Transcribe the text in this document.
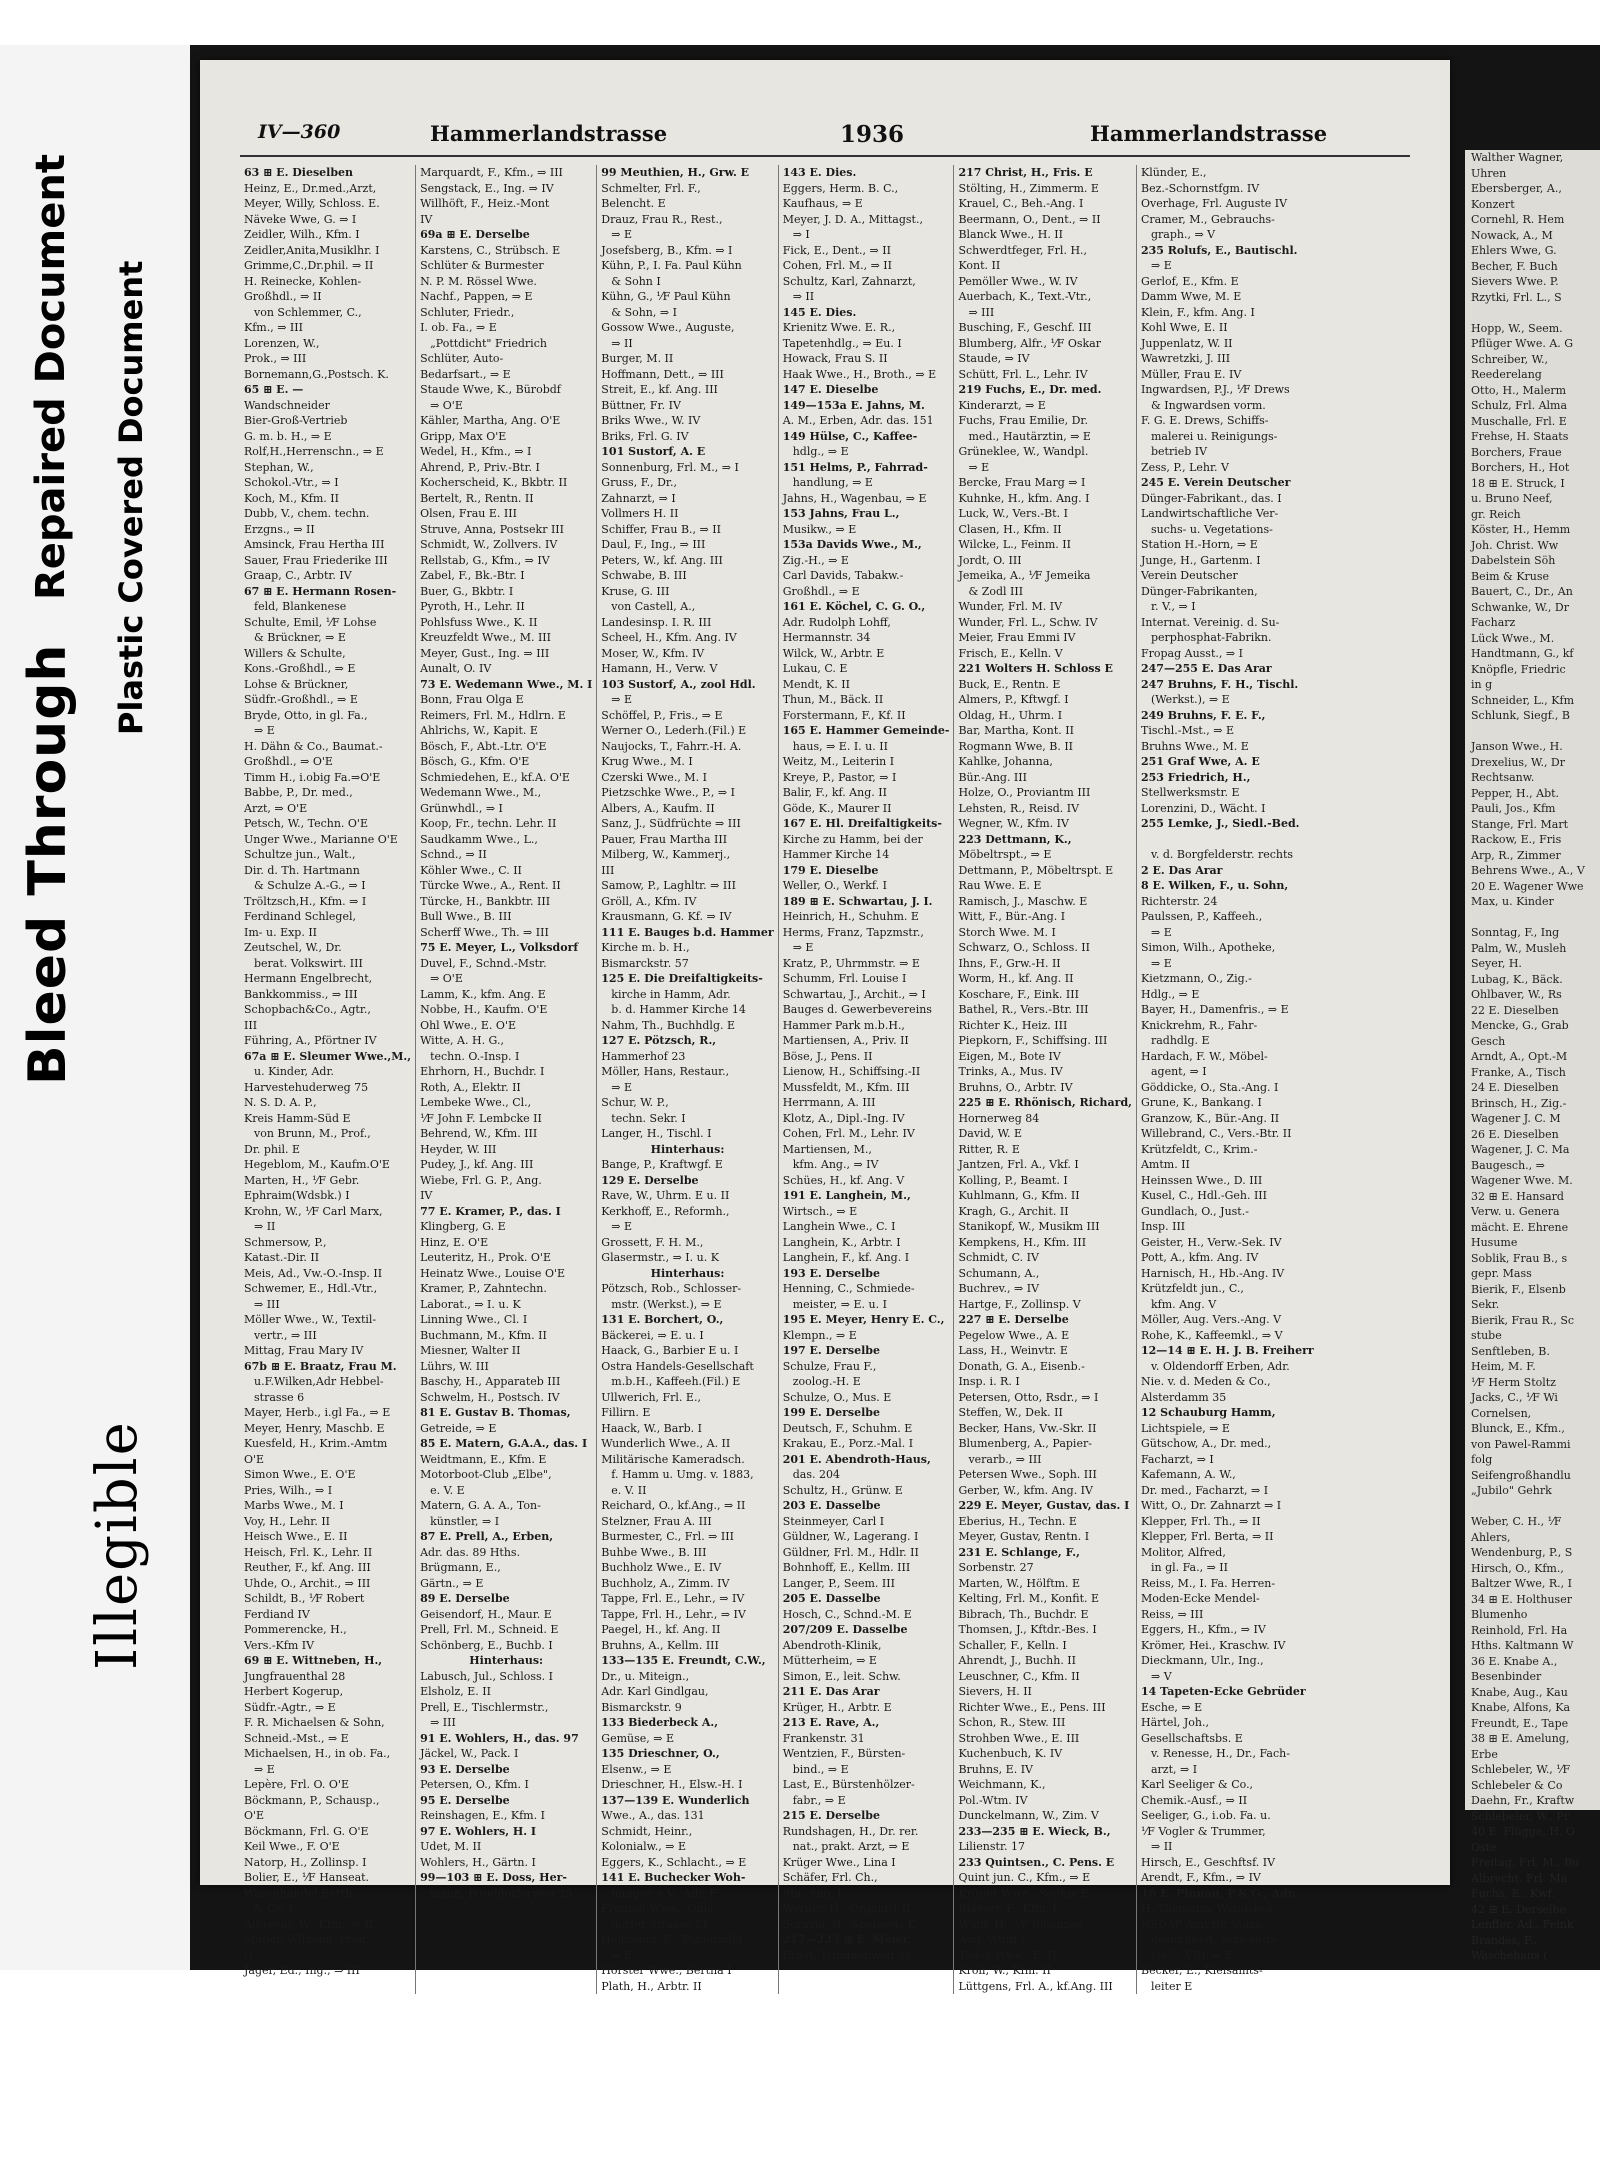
Bleed Through
Repaired Document Plastic Covered Document
Illegible
IV—360	Hammerlandstrasse	1936	Hammerlandstrasse
63 ⊞ E. Dieselben
Heinz, E., Dr.med.,Arzt,
Meyer, Willy, Schloss. E.
Näveke Wwe, G. ⇒ I
Zeidler, Wilh., Kfm. I
Zeidler,Anita,Musiklhr. I
Grimme,C.,Dr.phil. ⇒ II
H. Reinecke, Kohlen-
Großhdl., ⇒ II
von Schlemmer, C.,
Kfm., ⇒ III
Lorenzen, W.,
Prok., ⇒ III
Bornemann,G.,Postsch. K.
65 ⊞ E. —
Wandschneider
Bier-Groß-Vertrieb
G. m. b. H., ⇒ E
Rolf,H.,Herrenschn., ⇒ E
Stephan, W.,
Schokol.-Vtr., ⇒ I
Koch, M., Kfm. II
Dubb, V., chem. techn.
Erzgns., ⇒ II
Amsinck, Frau Hertha III
Sauer, Frau Friederike III
Graap, C., Arbtr. IV
67 ⊞ E. Hermann Rosen-
feld, Blankenese
Schulte, Emil, ⅟F Lohse
& Brückner, ⇒ E
Willers & Schulte,
Kons.-Großhdl., ⇒ E
Lohse & Brückner,
Südfr.-Großhdl., ⇒ E
Bryde, Otto, in gl. Fa.,
⇒ E
H. Dähn & Co., Baumat.-
Großhdl., ⇒ O'E
Timm H., i.obig Fa.⇒O'E
Babbe, P., Dr. med.,
Arzt, ⇒ O'E
Petsch, W., Techn. O'E
Unger Wwe., Marianne O'E
Schultze jun., Walt.,
Dir. d. Th. Hartmann
& Schulze A.-G., ⇒ I
Tröltzsch,H., Kfm. ⇒ I
Ferdinand Schlegel,
Im- u. Exp. II
Zeutschel, W., Dr.
berat. Volkswirt. III
Hermann Engelbrecht,
Bankkommiss., ⇒ III
Schopbach&Co., Agtr.,
III
Führing, A., Pförtner IV
67a ⊞ E. Sleumer Wwe.,M.,
u. Kinder, Adr.
Harvestehuderweg 75
N. S. D. A. P.,
Kreis Hamm-Süd E
von Brunn, M., Prof.,
Dr. phil. E
Hegeblom, M., Kaufm.O'E
Marten, H., ⅟F Gebr.
Ephraim(Wdsbk.) I
Krohn, W., ⅟F Carl Marx,
⇒ II
Schmersow, P.,
Katast.-Dir. II
Meis, Ad., Vw.-O.-Insp. II
Schwemer, E., Hdl.-Vtr.,
⇒ III
Möller Wwe., W., Textil-
vertr., ⇒ III
Mittag, Frau Mary IV
67b ⊞ E. Braatz, Frau M.
u.F.Wilken,Adr Hebbel-
strasse 6
Mayer, Herb., i.gl Fa., ⇒ E
Meyer, Henry, Maschb. E
Kuesfeld, H., Krim.-Amtm
O'E
Simon Wwe., E. O'E
Pries, Wilh., ⇒ I
Marbs Wwe., M. I
Voy, H., Lehr. II
Heisch Wwe., E. II
Heisch, Frl. K., Lehr. II
Reuther, F., kf. Ang. III
Uhde, O., Archit., ⇒ III
Schildt, B., ⅟F Robert
Ferdiand IV
Pommerencke, H.,
Vers.-Kfm IV
69 ⊞ E. Wittneben, H.,
Jungfrauenthal 28
Herbert Kogerup,
Südfr.-Agtr., ⇒ E
F. R. Michaelsen & Sohn,
Schneid.-Mst., ⇒ E
Michaelsen, H., in ob. Fa.,
⇒ E
Lepère, Frl. O. O'E
Böckmann, P., Schausp.,
O'E
Böckmann, Frl. G. O'E
Keil Wwe., F. O'E
Natorp, H., Zollinsp. I
Bolier, E., ⅟F Hanseat.
Warenhandel Barth
& Co. I
Albrecht, W., Kfm., ⇒ II
Müller, Wilhelm, Prok.
II
Jäger, Ed., Ing., ⇒ III
Marquardt, F., Kfm., ⇒ III
Sengstack, E., Ing. ⇒ IV
Willhöft, F., Heiz.-Mont
IV
69a ⊞ E. Derselbe
Karstens, C., Strübsch. E
Schlüter & Burmester
N. P. M. Rössel Wwe.
Nachf., Pappen, ⇒ E
Schluter, Friedr.,
I. ob. Fa., ⇒ E
„Pottdicht" Friedrich
Schlüter, Auto-
Bedarfsart., ⇒ E
Staude Wwe, K., Bürobdf
⇒ O'E
Kähler, Martha, Ang. O'E
Gripp, Max O'E
Wedel, H., Kfm., ⇒ I
Ahrend, P., Priv.-Btr. I
Kocherscheid, K., Bkbtr. II
Bertelt, R., Rentn. II
Olsen, Frau E. III
Struve, Anna, Postsekr III
Schmidt, W., Zollvers. IV
Rellstab, G., Kfm., ⇒ IV
Zabel, F., Bk.-Btr. I
Buer, G., Bkbtr. I
Pyroth, H., Lehr. II
Pohlsfuss Wwe., K. II
Kreuzfeldt Wwe., M. III
Meyer, Gust., Ing. ⇒ III
Aunalt, O. IV
73 E. Wedemann Wwe., M. I
Bonn, Frau Olga E
Reimers, Frl. M., Hdlrn. E
Ahlrichs, W., Kapit. E
Bösch, F., Abt.-Ltr. O'E
Bösch, G., Kfm. O'E
Schmiedehen, E., kf.A. O'E
Wedemann Wwe., M.,
Grünwhdl., ⇒ I
Koop, Fr., techn. Lehr. II
Saudkamm Wwe., L.,
Schnd., ⇒ II
Köhler Wwe., C. II
Türcke Wwe., A., Rent. II
Türcke, H., Bankbtr. III
Bull Wwe., B. III
Scherff Wwe., Th. ⇒ III
75 E. Meyer, L., Volksdorf
Duvel, F., Schnd.-Mstr.
⇒ O'E
Lamm, K., kfm. Ang. E
Nobbe, H., Kaufm. O'E
Ohl Wwe., E. O'E
Witte, A. H. G.,
techn. O.-Insp. I
Ehrhorn, H., Buchdr. I
Roth, A., Elektr. II
Lembeke Wwe., Cl.,
⅟F John F. Lembcke II
Behrend, W., Kfm. III
Heyder, W. III
Pudey, J., kf. Ang. III
Wiebe, Frl. G. P., Ang.
IV
77 E. Kramer, P., das. I
Klingberg, G. E
Hinz, E. O'E
Leuteritz, H., Prok. O'E
Heinatz Wwe., Louise O'E
Kramer, P., Zahntechn.
Laborat., ⇒ I. u. K
Linning Wwe., Cl. I
Buchmann, M., Kfm. II
Miesner, Walter II
Lührs, W. III
Baschy, H., Apparateb III
Schwelm, H., Postsch. IV
81 E. Gustav B. Thomas,
Getreide, ⇒ E
85 E. Matern, G.A.A., das. I
Weidtmann, E., Kfm. E
Motorboot-Club „Elbe",
e. V. E
Matern, G. A. A., Ton-
künstler, ⇒ I
87 E. Prell, A., Erben,
Adr. das. 89 Hths.
Brügmann, E.,
Gärtn., ⇒ E
89 E. Derselbe
Geisendorf, H., Maur. E
Prell, Frl. M., Schneid. E
Schönberg, E., Buchb. I
Hinterhaus:
Labusch, Jul., Schloss. I
Elsholz, E. II
Prell, E., Tischlermstr.,
⇒ III
91 E. Wohlers, H., das. 97
Jäckel, W., Pack. I
93 E. Derselbe
Petersen, O., Kfm. I
95 E. Derselbe
Reinshagen, E., Kfm. I
97 E. Wohlers, H. I
Udet, M. II
Wohlers, H., Gärtn. I
99—103 ⊞ E. Doss, Her-
mann, Poseldorferweg 25
99 Meuthien, H., Grw. E
Schmelter, Frl. F.,
Belencht. E
Drauz, Frau R., Rest.,
⇒ E
Josefsberg, B., Kfm. ⇒ I
Kühn, P., I. Fa. Paul Kühn
& Sohn I
Kühn, G., ⅟F Paul Kühn
& Sohn, ⇒ I
Gossow Wwe., Auguste,
⇒ II
Burger, M. II
Hoffmann, Dett., ⇒ III
Streit, E., kf. Ang. III
Büttner, Fr. IV
Briks Wwe., W. IV
Briks, Frl. G. IV
101 Sustorf, A. E
Sonnenburg, Frl. M., ⇒ I
Gruss, F., Dr.,
Zahnarzt, ⇒ I
Vollmers H. II
Schiffer, Frau B., ⇒ II
Daul, F., Ing., ⇒ III
Peters, W., kf. Ang. III
Schwabe, B. III
Kruse, G. III
von Castell, A.,
Landesinsp. I. R. III
Scheel, H., Kfm. Ang. IV
Moser, W., Kfm. IV
Hamann, H., Verw. V
103 Sustorf, A., zool Hdl.
⇒ E
Schöffel, P., Fris., ⇒ E
Werner O., Lederh.(Fil.) E
Naujocks, T., Fahrr.-H. A.
Krug Wwe., M. I
Czerski Wwe., M. I
Pietzschke Wwe., P., ⇒ I
Albers, A., Kaufm. II
Sanz, J., Südfrüchte ⇒ III
Pauer, Frau Martha III
Milberg, W., Kammerj.,
III
Samow, P., Laghltr. ⇒ III
Gröll, A., Kfm. IV
Krausmann, G. Kf. ⇒ IV
111 E. Bauges b.d. Hammer
Kirche m. b. H.,
Bismarckstr. 57
125 E. Die Dreifaltigkeits-
kirche in Hamm, Adr.
b. d. Hammer Kirche 14
Nahm, Th., Buchhdlg. E
127 E. Pötzsch, R.,
Hammerhof 23
Möller, Hans, Restaur.,
⇒ E
Schur, W. P.,
techn. Sekr. I
Langer, H., Tischl. I
Hinterhaus:
Bange, P., Kraftwgf. E
129 E. Derselbe
Rave, W., Uhrm. E u. II
Kerkhoff, E., Reformh.,
⇒ E
Grossett, F. H. M.,
Glasermstr., ⇒ I. u. K
Hinterhaus:
Pötzsch, Rob., Schlosser-
mstr. (Werkst.), ⇒ E
131 E. Borchert, O.,
Bäckerei, ⇒ E. u. I
Haack, G., Barbier E u. I
Ostra Handels-Gesellschaft
m.b.H., Kaffeeh.(Fil.) E
Ullwerich, Frl. E.,
Fillirn. E
Haack, W., Barb. I
Wunderlich Wwe., A. II
Militärische Kameradsch.
f. Hamm u. Umg. v. 1883,
e. V. II
Reichard, O., kf.Ang., ⇒ II
Stelzner, Frau A. III
Burmester, C., Frl. ⇒ III
Buhbe Wwe., B. III
Buchholz Wwe., E. IV
Buchholz, A., Zimm. IV
Tappe, Frl. E., Lehr., ⇒ IV
Tappe, Frl. H., Lehr., ⇒ IV
Paegel, H., kf. Ang. II
Bruhns, A., Kellm. III
133—135 E. Freundt, C.W.,
Dr., u. Miteign.,
Adr. Karl Gindlgau,
Bismarckstr. 9
133 Biederbeck A.,
Gemüse, ⇒ E
135 Drieschner, O.,
Elsenw., ⇒ E
Drieschner, H., Elsw.-H. I
137—139 E. Wunderlich
Wwe., A., das. 131
Schmidt, Heinr.,
Kolonialw., ⇒ E
Eggers, K., Schlacht., ⇒ E
141 E. Buchecker Woh-
nungen e.V., Adr. F.
Freundt Wwe., Ohls-
dorfer Strasse 51
Heitmann, K., Papierhdlg.,
⇒ E
Hörster Wwe., Bertha I
Plath, H., Arbtr. II
143 E. Dies.
Eggers, Herm. B. C.,
Kaufhaus, ⇒ E
Meyer, J. D. A., Mittagst.,
⇒ I
Fick, E., Dent., ⇒ II
Cohen, Frl. M., ⇒ II
Schultz, Karl, Zahnarzt,
⇒ II
145 E. Dies.
Krienitz Wwe. E. R.,
Tapetenhdlg., ⇒ Eu. I
Howack, Frau S. II
Haak Wwe., H., Broth., ⇒ E
147 E. Dieselbe
149—153a E. Jahns, M.
A. M., Erben, Adr. das. 151
149 Hülse, C., Kaffee-
hdlg., ⇒ E
151 Helms, P., Fahrrad-
handlung, ⇒ E
Jahns, H., Wagenbau, ⇒ E
153 Jahns, Frau L.,
Musikw., ⇒ E
153a Davids Wwe., M.,
Zig.-H., ⇒ E
Carl Davids, Tabakw.-
Großhdl., ⇒ E
161 E. Köchel, C. G. O.,
Adr. Rudolph Lohff,
Hermannstr. 34
Wilck, W., Arbtr. E
Lukau, C. E
Mendt, K. II
Thun, M., Bäck. II
Forstermann, F., Kf. II
165 E. Hammer Gemeinde-
haus, ⇒ E. I. u. II
Weitz, M., Leiterin I
Kreye, P., Pastor, ⇒ I
Balir, F., kf. Ang. II
Göde, K., Maurer II
167 E. Hl. Dreifaltigkeits-
Kirche zu Hamm, bei der
Hammer Kirche 14
179 E. Dieselbe
Weller, O., Werkf. I
189 ⊞ E. Schwartau, J. I.
Heinrich, H., Schuhm. E
Herms, Franz, Tapzmstr.,
⇒ E
Kratz, P., Uhrmmstr. ⇒ E
Schumm, Frl. Louise I
Schwartau, J., Archit., ⇒ I
Bauges d. Gewerbevereins
Hammer Park m.b.H.,
Martiensen, A., Priv. II
Böse, J., Pens. II
Lienow, H., Schiffsing.-II
Mussfeldt, M., Kfm. III
Herrmann, A. III
Klotz, A., Dipl.-Ing. IV
Cohen, Frl. M., Lehr. IV
Martiensen, M.,
kfm. Ang., ⇒ IV
Schües, H., kf. Ang. V
191 E. Langhein, M.,
Wirtsch., ⇒ E
Langhein Wwe., C. I
Langhein, K., Arbtr. I
Langhein, F., kf. Ang. I
193 E. Derselbe
Henning, C., Schmiede-
meister, ⇒ E. u. I
195 E. Meyer, Henry E. C.,
Klempn., ⇒ E
197 E. Derselbe
Schulze, Frau F.,
zoolog.-H. E
Schulze, O., Mus. E
199 E. Derselbe
Deutsch, F., Schuhm. E
Krakau, E., Porz.-Mal. I
201 E. Abendroth-Haus,
das. 204
Schultz, H., Grünw. E
203 E. Dasselbe
Steinmeyer, Carl I
Güldner, W., Lagerang. I
Güldner, Frl. M., Hdlr. II
Bohnhoff, E., Kellm. III
Langer, P., Seem. III
205 E. Dasselbe
Hosch, C., Schnd.-M. E
207/209 E. Dasselbe
Abendroth-Klinik,
Mütterheim, ⇒ E
Simon, E., leit. Schw.
211 E. Das Arar
Krüger, H., Arbtr. E
213 E. Rave, A.,
Frankenstr. 31
Wentzien, F., Bürsten-
bind., ⇒ E
Last, E., Bürstenhölzer-
fabr., ⇒ E
215 E. Derselbe
Rundshagen, H., Dr. rer.
nat., prakt. Arzt, ⇒ E
Krüger Wwe., Lina I
Schäfer, Frl. Ch.,
Sta.-Ang. I
Werner, H., Organist II
Soravia, N., Speiseeis K
217—223 ⊞ E. Meier,
Ernst, Tribünenweg 32
217 Christ, H., Fris. E
Stölting, H., Zimmerm. E
Krauel, C., Beh.-Ang. I
Beermann, O., Dent., ⇒ II
Blanck Wwe., H. II
Schwerdtfeger, Frl. H.,
Kont. II
Pemöller Wwe., W. IV
Auerbach, K., Text.-Vtr.,
⇒ III
Busching, F., Geschf. III
Blumberg, Alfr., ⅟F Oskar
Staude, ⇒ IV
Schütt, Frl. L., Lehr. IV
219 Fuchs, E., Dr. med.
Kinderarzt, ⇒ E
Fuchs, Frau Emilie, Dr.
med., Hautärztin, ⇒ E
Grüneklee, W., Wandpl.
⇒ E
Bercke, Frau Marg ⇒ I
Kuhnke, H., kfm. Ang. I
Luck, W., Vers.-Bt. I
Clasen, H., Kfm. II
Wilcke, L., Feinm. II
Jordt, O. III
Jemeika, A., ⅟F Jemeika
& Zodl III
Wunder, Frl. M. IV
Wunder, Frl. L., Schw. IV
Meier, Frau Emmi IV
Frisch, E., Kelln. V
221 Wolters H. Schloss E
Buck, E., Rentn. E
Almers, P., Kftwgf. I
Oldag, H., Uhrm. I
Bar, Martha, Kont. II
Rogmann Wwe, B. II
Kahlke, Johanna,
Bür.-Ang. III
Holze, O., Proviantm III
Lehsten, R., Reisd. IV
Wegner, W., Kfm. IV
223 Dettmann, K.,
Möbeltrspt., ⇒ E
Dettmann, P., Möbeltrspt. E
Rau Wwe. E. E
Ramisch, J., Maschw. E
Witt, F., Bür.-Ang. I
Storch Wwe. M. I
Schwarz, O., Schloss. II
Ihns, F., Grw.-H. II
Worm, H., kf. Ang. II
Koschare, F., Eink. III
Bathel, R., Vers.-Btr. III
Richter K., Heiz. III
Piepkorn, F., Schiffsing. III
Eigen, M., Bote IV
Trinks, A., Mus. IV
Bruhns, O., Arbtr. IV
225 ⊞ E. Rhönisch, Richard,
Hornerweg 84
David, W. E
Ritter, R. E
Jantzen, Frl. A., Vkf. I
Kolling, P., Beamt. I
Kuhlmann, G., Kfm. II
Kragh, G., Archit. II
Stanikopf, W., Musikm III
Kempkens, H., Kfm. III
Schmidt, C. IV
Schumann, A.,
Buchrev., ⇒ IV
Hartge, F., Zollinsp. V
227 ⊞ E. Derselbe
Pegelow Wwe., A. E
Lass, H., Weinvtr. E
Donath, G. A., Eisenb.-
Insp. i. R. I
Petersen, Otto, Rsdr., ⇒ I
Steffen, W., Dek. II
Becker, Hans, Vw.-Skr. II
Blumenberg, A., Papier-
verarb., ⇒ III
Petersen Wwe., Soph. III
Gerber, W., kfm. Ang. IV
229 E. Meyer, Gustav, das. I
Eberius, H., Techn. E
Meyer, Gustav, Rentn. I
231 E. Schlange, F.,
Sorbenstr. 27
Marten, W., Hölftm. E
Kelting, Frl. M., Konfit. E
Bibrach, Th., Buchdr. E
Thomsen, J., Kftdr.-Bes. I
Schaller, F., Kelln. I
Ahrendt, J., Buchh. II
Leuschner, C., Kfm. II
Sievers, H. II
Richter Wwe., E., Pens. III
Schon, R., Stew. III
Strohben Wwe., E. III
Kuchenbuch, K. IV
Bruhns, E. IV
Weichmann, K.,
Pol.-Wtm. IV
Dunckelmann, W., Zim. V
233—235 ⊞ E. Wieck, B.,
Lilienstr. 17
233 Quintsen., C. Pens. E
Quint jun. C., Kfm., ⇒ E
Krüger Wwe., Sophie E
Blaeser, F., Kfm. I
Wulff, H., ⅟F Johannes
Aug. Wulff I
Tadey Wwe., E. II
Kroll, W., Kfm. II
Lüttgens, Frl. A., kf.Ang. III
Klünder, E.,
Bez.-Schornstfgm. IV
Overhage, Frl. Auguste IV
Cramer, M., Gebrauchs-
graph., ⇒ V
235 Rolufs, E., Bautischl.
⇒ E
Gerlof, E., Kfm. E
Damm Wwe, M. E
Klein, F., kfm. Ang. I
Kohl Wwe, E. II
Juppenlatz, W. II
Wawretzki, J. III
Müller, Frau E. IV
Ingwardsen, P.J., ⅟F Drews
& Ingwardsen vorm.
F. G. E. Drews, Schiffs-
malerei u. Reinigungs-
betrieb IV
Zess, P., Lehr. V
245 E. Verein Deutscher
Dünger-Fabrikant., das. I
Landwirtschaftliche Ver-
suchs- u. Vegetations-
Station H.-Horn, ⇒ E
Junge, H., Gartenm. I
Verein Deutscher
Dünger-Fabrikanten,
r. V., ⇒ I
Internat. Vereinig. d. Su-
perphosphat-Fabrikn.
Fropag Ausst., ⇒ I
247—255 E. Das Arar
247 Bruhns, F. H., Tischl.
(Werkst.), ⇒ E
249 Bruhns, F. E. F.,
Tischl.-Mst., ⇒ E
Bruhns Wwe., M. E
251 Graf Wwe, A. E
253 Friedrich, H.,
Stellwerksmstr. E
Lorenzini, D., Wächt. I
255 Lemke, J., Siedl.-Bed.

v. d. Borgfelderstr. rechts
2 E. Das Arar
8 E. Wilken, F., u. Sohn,
Richterstr. 24
Paulssen, P., Kaffeeh.,
⇒ E
Simon, Wilh., Apotheke,
⇒ E
Kietzmann, O., Zig.-
Hdlg., ⇒ E
Bayer, H., Damenfris., ⇒ E
Knickrehm, R., Fahr-
radhdlg. E
Hardach, F. W., Möbel-
agent, ⇒ I
Göddicke, O., Sta.-Ang. I
Grune, K., Bankang. I
Granzow, K., Bür.-Ang. II
Willebrand, C., Vers.-Btr. II
Krützfeldt, C., Krim.-
Amtm. II
Heinssen Wwe., D. III
Kusel, C., Hdl.-Geh. III
Gundlach, O., Just.-
Insp. III
Geister, H., Verw.-Sek. IV
Pott, A., kfm. Ang. IV
Harnisch, H., Hb.-Ang. IV
Krützfeldt jun., C.,
kfm. Ang. V
Möller, Aug. Vers.-Ang. V
Rohe, K., Kaffeemkl., ⇒ V
12—14 ⊞ E. H. J. B. Freiherr
v. Oldendorff Erben, Adr.
Nie. v. d. Meden & Co.,
Alsterdamm 35
12 Schauburg Hamm,
Lichtspiele, ⇒ E
Gütschow, A., Dr. med.,
Facharzt, ⇒ I
Kafemann, A. W.,
Dr. med., Facharzt, ⇒ I
Witt, O., Dr. Zahnarzt ⇒ I
Klepper, Frl. Th., ⇒ II
Klepper, Frl. Berta, ⇒ II
Molitor, Alfred,
in gl. Fa., ⇒ II
Reiss, M., I. Fa. Herren-
Moden-Ecke Mendel-
Reiss, ⇒ III
Eggers, H., Kfm., ⇒ IV
Krömer, Hei., Kraschw. IV
Dieckmann, Ulr., Ing.,
⇒ V
14 Tapeten-Ecke Gebrüder
Esche, ⇒ E
Härtel, Joh.,
Gesellschaftsbs. E
v. Renesse, H., Dr., Fach-
arzt, ⇒ I
Karl Seeliger & Co.,
Chemik.-Ausf., ⇒ II
Seeliger, G., i.ob. Fa. u.
⅟F Vogler & Trummer,
⇒ II
Hirsch, E., Geschftsf. IV
Arendt, F., Kfm., ⇒ IV
16 E. Pinnau, P.K.G., Adr.
H. Thomann, Wandsbek
NSDAP Amt für Volks-
gesundheit, Verwaltgs-
stelle VIII, ⇒ E
Becker, E., Kleisamts-
leiter E
Walther Wagner,
Uhren
Ebersberger, A.,
Konzert
Cornehl, R. Hem
Nowack, A., M
Ehlers Wwe, G.
Becher, F. Buch
Sievers Wwe. P.
Rzytki, Frl. L., S

Hopp, W., Seem.
Pflüger Wwe. A. G
Schreiber, W.,
Reederelang
Otto, H., Malerm
Schulz, Frl. Alma
Muschalle, Frl. E
Frehse, H. Staats
Borchers, Fraue
Borchers, H., Hot
18 ⊞ E. Struck, I
u. Bruno Neef,
gr. Reich
Köster, H., Hemm
Joh. Christ. Ww
Dabelstein Söh
Beim & Kruse
Bauert, C., Dr., An
Schwanke, W., Dr
Facharz
Lück Wwe., M.
Handtmann, G., kf
Knöpfle, Friedric
in g
Schneider, L., Kfm
Schlunk, Siegf., B

Janson Wwe., H.
Drexelius, W., Dr
Rechtsanw.
Pepper, H., Abt.
Pauli, Jos., Kfm
Stange, Frl. Mart
Rackow, E., Fris
Arp, R., Zimmer
Behrens Wwe., A., V
20 E. Wagener Wwe
Max, u. Kinder

Sonntag, F., Ing
Palm, W., Musleh
Seyer, H.
Lubag, K., Bäck.
Ohlbaver, W., Rs
22 E. Dieselben
Mencke, G., Grab
Gesch
Arndt, A., Opt.-M
Franke, A., Tisch
24 E. Dieselben
Brinsch, H., Zig.-
Wagener J. C. M
26 E. Dieselben
Wagener, J. C. Ma
Baugesch., ⇒
Wagener Wwe. M.
32 ⊞ E. Hansard
Verw. u. Genera
mächt. E. Ehrene
Husume
Soblik, Frau B., s
gepr. Mass
Bierik, F., Elsenb
Sekr.
Bierik, Frau R., Sc
stube
Senftleben, B.
Heim, M. F.
⅟F Herm Stoltz
Jacks, C., ⅟F Wi
Cornelsen,
Blunck, E., Kfm.,
von Pawel-Rammi
folg
Seifengroßhandlu
„Jubilo" Gehrk

Weber, C. H., ⅟F
Ahlers,
Wendenburg, P., S
Hirsch, O., Kfm.,
Baltzer Wwe, R., I
34 ⊞ E. Holthuser
Blumenho
Reinhold, Frl. Ha
Hths. Kaltmann W
36 E. Knabe A.,
Besenbinder
Knabe, Aug., Kau
Knabe, Alfons, Ka
Freundt, E., Tape
38 ⊞ E. Amelung,
Erbe
Schlebeler, W., ⅟F
Schlebeler & Co
Daehn, Fr., Kraftw
Schlebeler, W., Pr
40 E. Flügge, H. O
Oste
Freitag, Frl. M., Bu
Albrecht, Frl. Ma
Fuchs, E., Kwf.
42 ⊞ E. Derselbe
Lenffer, Ad., Feink
Brandes, F.,
Waschehaus (
